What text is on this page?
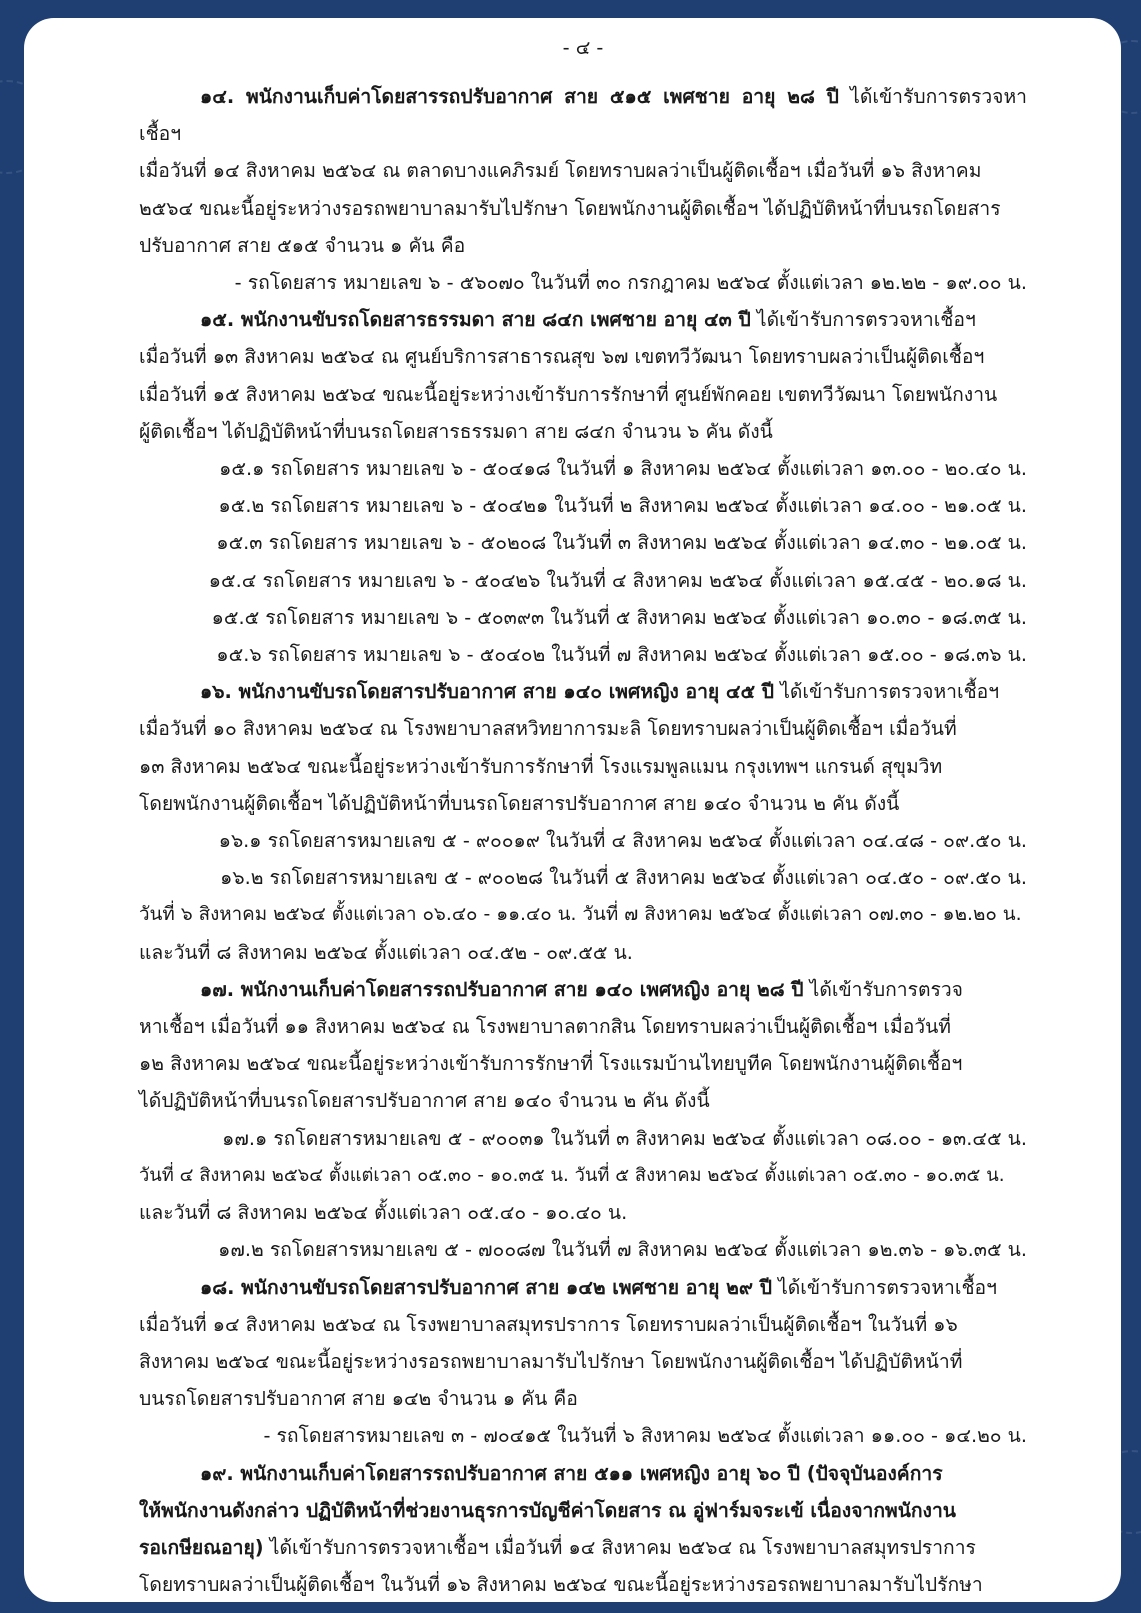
- ๔ -

๑๔. พนักงานเก็บค่าโดยสารรถปรับอากาศ สาย ๕๑๕ เพศชาย อายุ ๒๘ ปี ได้เข้ารับการตรวจหาเชื้อฯ
เมื่อวันที่ ๑๔ สิงหาคม ๒๕๖๔ ณ ตลาดบางแคภิรมย์ โดยทราบผลว่าเป็นผู้ติดเชื้อฯ เมื่อวันที่ ๑๖ สิงหาคม
๒๕๖๔ ขณะนี้อยู่ระหว่างรอรถพยาบาลมารับไปรักษา โดยพนักงานผู้ติดเชื้อฯ ได้ปฏิบัติหน้าที่บนรถโดยสาร
ปรับอากาศ สาย ๕๑๕ จำนวน ๑ คัน คือ

- รถโดยสาร หมายเลข ๖ - ๕๖๐๗๐ ในวันที่ ๓๐ กรกฎาคม ๒๕๖๔ ตั้งแต่เวลา ๑๒.๒๒ - ๑๙.๐๐ น.

๑๕. พนักงานขับรถโดยสารธรรมดา สาย ๘๔ก เพศชาย อายุ ๔๓ ปี ได้เข้ารับการตรวจหาเชื้อฯ
เมื่อวันที่ ๑๓ สิงหาคม ๒๕๖๔ ณ ศูนย์บริการสาธารณสุข ๖๗ เขตทวีวัฒนา โดยทราบผลว่าเป็นผู้ติดเชื้อฯ
เมื่อวันที่ ๑๕ สิงหาคม ๒๕๖๔ ขณะนี้อยู่ระหว่างเข้ารับการรักษาที่ ศูนย์พักคอย เขตทวีวัฒนา โดยพนักงาน
ผู้ติดเชื้อฯ ได้ปฏิบัติหน้าที่บนรถโดยสารธรรมดา สาย ๘๔ก จำนวน ๖ คัน ดังนี้

๑๕.๑ รถโดยสาร หมายเลข ๖ - ๕๐๔๑๘ ในวันที่ ๑ สิงหาคม ๒๕๖๔ ตั้งแต่เวลา ๑๓.๐๐ - ๒๐.๔๐ น.

๑๕.๒ รถโดยสาร หมายเลข ๖ - ๕๐๔๒๑ ในวันที่ ๒ สิงหาคม ๒๕๖๔ ตั้งแต่เวลา ๑๔.๐๐ - ๒๑.๐๕ น.

๑๕.๓ รถโดยสาร หมายเลข ๖ - ๕๐๒๐๘ ในวันที่ ๓ สิงหาคม ๒๕๖๔ ตั้งแต่เวลา ๑๔.๓๐ - ๒๑.๐๕ น.

๑๕.๔ รถโดยสาร หมายเลข ๖ - ๕๐๔๒๖ ในวันที่ ๔ สิงหาคม ๒๕๖๔ ตั้งแต่เวลา ๑๕.๔๕ - ๒๐.๑๘ น.

๑๕.๕ รถโดยสาร หมายเลข ๖ - ๕๐๓๙๓ ในวันที่ ๕ สิงหาคม ๒๕๖๔ ตั้งแต่เวลา ๑๐.๓๐ - ๑๘.๓๕ น.

๑๕.๖ รถโดยสาร หมายเลข ๖ - ๕๐๔๐๒ ในวันที่ ๗ สิงหาคม ๒๕๖๔ ตั้งแต่เวลา ๑๕.๐๐ - ๑๘.๓๖ น.

๑๖. พนักงานขับรถโดยสารปรับอากาศ สาย ๑๔๐ เพศหญิง อายุ ๔๕ ปี ได้เข้ารับการตรวจหาเชื้อฯ
เมื่อวันที่ ๑๐ สิงหาคม ๒๕๖๔ ณ โรงพยาบาลสหวิทยาการมะลิ โดยทราบผลว่าเป็นผู้ติดเชื้อฯ เมื่อวันที่
๑๓ สิงหาคม ๒๕๖๔ ขณะนี้อยู่ระหว่างเข้ารับการรักษาที่ โรงแรมพูลแมน กรุงเทพฯ แกรนด์ สุขุมวิท
โดยพนักงานผู้ติดเชื้อฯ ได้ปฏิบัติหน้าที่บนรถโดยสารปรับอากาศ สาย ๑๔๐ จำนวน ๒ คัน ดังนี้

๑๖.๑ รถโดยสารหมายเลข ๕ - ๙๐๐๑๙ ในวันที่ ๔ สิงหาคม ๒๕๖๔ ตั้งแต่เวลา ๐๔.๔๘ - ๐๙.๕๐ น.

๑๖.๒ รถโดยสารหมายเลข ๕ - ๙๐๐๒๘ ในวันที่ ๕ สิงหาคม ๒๕๖๔ ตั้งแต่เวลา ๐๔.๕๐ - ๐๙.๕๐ น.

วันที่ ๖ สิงหาคม ๒๕๖๔ ตั้งแต่เวลา ๐๖.๔๐ - ๑๑.๔๐ น. วันที่ ๗ สิงหาคม ๒๕๖๔ ตั้งแต่เวลา ๐๗.๓๐ - ๑๒.๒๐ น.

และวันที่ ๘ สิงหาคม ๒๕๖๔ ตั้งแต่เวลา ๐๔.๕๒ - ๐๙.๕๕ น.

๑๗. พนักงานเก็บค่าโดยสารรถปรับอากาศ สาย ๑๔๐ เพศหญิง อายุ ๒๘ ปี ได้เข้ารับการตรวจ
หาเชื้อฯ เมื่อวันที่ ๑๑ สิงหาคม ๒๕๖๔ ณ โรงพยาบาลตากสิน โดยทราบผลว่าเป็นผู้ติดเชื้อฯ เมื่อวันที่
๑๒ สิงหาคม ๒๕๖๔ ขณะนี้อยู่ระหว่างเข้ารับการรักษาที่ โรงแรมบ้านไทยบูทีค โดยพนักงานผู้ติดเชื้อฯ
ได้ปฏิบัติหน้าที่บนรถโดยสารปรับอากาศ สาย ๑๔๐ จำนวน ๒ คัน ดังนี้

๑๗.๑ รถโดยสารหมายเลข ๕ - ๙๐๐๓๑ ในวันที่ ๓ สิงหาคม ๒๕๖๔ ตั้งแต่เวลา ๐๘.๐๐ - ๑๓.๔๕ น.

วันที่ ๔ สิงหาคม ๒๕๖๔ ตั้งแต่เวลา ๐๕.๓๐ - ๑๐.๓๕ น. วันที่ ๕ สิงหาคม ๒๕๖๔ ตั้งแต่เวลา ๐๕.๓๐ - ๑๐.๓๕ น.

และวันที่ ๘ สิงหาคม ๒๕๖๔ ตั้งแต่เวลา ๐๕.๔๐ - ๑๐.๔๐ น.

๑๗.๒ รถโดยสารหมายเลข ๕ - ๗๐๐๘๗ ในวันที่ ๗ สิงหาคม ๒๕๖๔ ตั้งแต่เวลา ๑๒.๓๖ - ๑๖.๓๕ น.

๑๘. พนักงานขับรถโดยสารปรับอากาศ สาย ๑๔๒ เพศชาย อายุ ๒๙ ปี ได้เข้ารับการตรวจหาเชื้อฯ
เมื่อวันที่ ๑๔ สิงหาคม ๒๕๖๔ ณ โรงพยาบาลสมุทรปราการ โดยทราบผลว่าเป็นผู้ติดเชื้อฯ ในวันที่ ๑๖
สิงหาคม ๒๕๖๔ ขณะนี้อยู่ระหว่างรอรถพยาบาลมารับไปรักษา โดยพนักงานผู้ติดเชื้อฯ ได้ปฏิบัติหน้าที่
บนรถโดยสารปรับอากาศ สาย ๑๔๒ จำนวน ๑ คัน คือ

- รถโดยสารหมายเลข ๓ - ๗๐๔๑๕ ในวันที่ ๖ สิงหาคม ๒๕๖๔ ตั้งแต่เวลา ๑๑.๐๐ - ๑๔.๒๐ น.

๑๙. พนักงานเก็บค่าโดยสารรถปรับอากาศ สาย ๕๑๑ เพศหญิง อายุ ๖๐ ปี (ปัจจุบันองค์การ
ให้พนักงานดังกล่าว ปฏิบัติหน้าที่ช่วยงานธุรการบัญชีค่าโดยสาร ณ อู่ฟาร์มจระเข้ เนื่องจากพนักงาน
รอเกษียณอายุ) ได้เข้ารับการตรวจหาเชื้อฯ เมื่อวันที่ ๑๔ สิงหาคม ๒๕๖๔ ณ โรงพยาบาลสมุทรปราการ
โดยทราบผลว่าเป็นผู้ติดเชื้อฯ ในวันที่ ๑๖ สิงหาคม ๒๕๖๔ ขณะนี้อยู่ระหว่างรอรถพยาบาลมารับไปรักษา
